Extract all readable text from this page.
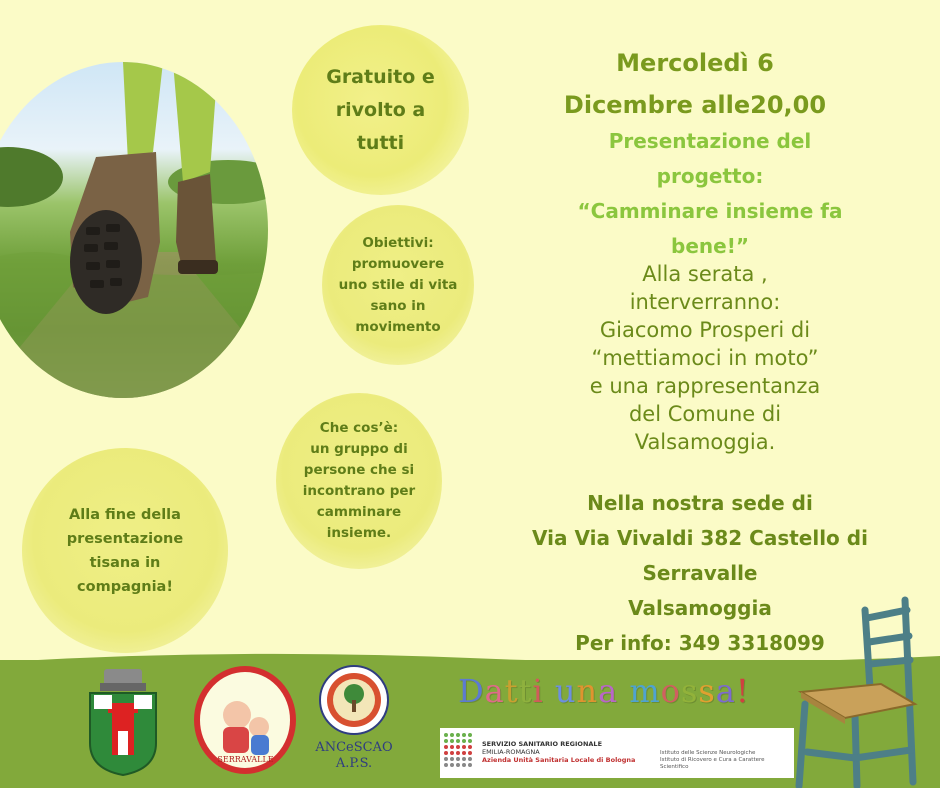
Gratuito e
rivolto a
tutti
Obiettivi:
promuovere
uno stile di vita
sano in
movimento
Che cos’è:
un gruppo di
persone che si
incontrano per
camminare
insieme.
Alla fine della
presentazione
tisana in
compagnia!
Mercoledì 6
Dicembre alle20,00
Presentazione del
progetto:
“Camminare insieme fa
bene!”
Alla serata ,
interverranno:
Giacomo Prosperi di
“mettiamoci in moto”
e una rappresentanza
del Comune di
Valsamoggia.
Nella nostra sede di
Via Via Vivaldi 382 Castello di
Serravalle
Valsamoggia
Per info: 349 3318099
SERRAVALLE
ANCeSCAO
A.P.S.
Datti una mossa!
SERVIZIO SANITARIO REGIONALE
EMILIA-ROMAGNA
Azienda Unità Sanitaria Locale di Bologna
Istituto delle Scienze Neurologiche
Istituto di Ricovero e Cura a Carattere Scientifico
